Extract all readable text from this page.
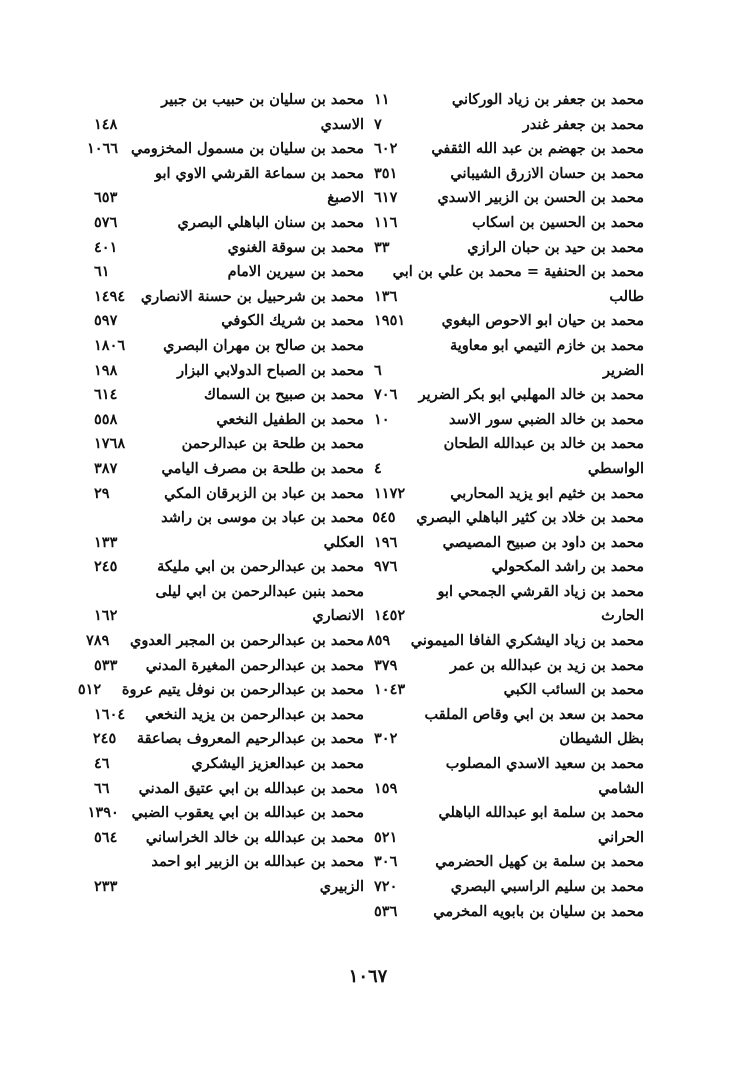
محمد بن جعفر بن زياد الوركاني
١١
محمد بن جعفر غندر
٧
محمد بن جهضم بن عبد الله الثقفي
٦٠٢
محمد بن حسان الازرق الشيباني
٣٥١
محمد بن الحسن بن الزبير الاسدي
٦١٧
محمد بن الحسين بن اسكاب
١١٦
محمد بن حيد بن حبان الرازي
٣٣
محمد بن الحنفية = محمد بن علي بن ابي
طالب
١٣٦
محمد بن حيان ابو الاحوص البغوي
١٩٥١
محمد بن خازم التيمي ابو معاوية
الضرير
٦
محمد بن خالد المهلبي ابو بكر الضرير
٧٠٦
محمد بن خالد الضبي سور الاسد
١٠
محمد بن خالد بن عبدالله الطحان
الواسطي
٤
محمد بن خثيم ابو يزيد المحاربي
١١٧٢
محمد بن خلاد بن كثير الباهلي البصري
٥٤٥
محمد بن داود بن صبيح المصيصي
١٩٦
محمد بن راشد المكحولي
٩٧٦
محمد بن زياد القرشي الجمحي ابو
الحارث
١٤٥٢
محمد بن زياد اليشكري الفافا الميموني
٨٥٩
محمد بن زيد بن عبدالله بن عمر
٣٧٩
محمد بن السائب الكبي
١٠٤٣
محمد بن سعد بن ابي وقاص الملقب
بظل الشيطان
٣٠٢
محمد بن سعيد الاسدي المصلوب
الشامي
١٥٩
محمد بن سلمة ابو عبدالله الباهلي
الحراني
٥٢١
محمد بن سلمة بن كهيل الحضرمي
٣٠٦
محمد بن سليم الراسبي البصري
٧٢٠
محمد بن سليان بن بابويه المخرمي
٥٣٦
محمد بن سليان بن حبيب بن جبير
الاسدي
١٤٨
محمد بن سليان بن مسمول المخزومي
١٠٦٦
محمد بن سماعة القرشي الاوي ابو
الاصبغ
٦٥٣
محمد بن سنان الباهلي البصري
٥٧٦
محمد بن سوقة الغنوي
٤٠١
محمد بن سيرين الامام
٦١
محمد بن شرحبيل بن حسنة الانصاري
١٤٩٤
محمد بن شريك الكوفي
٥٩٧
محمد بن صالح بن مهران البصري
١٨٠٦
محمد بن الصباح الدولابي البزار
١٩٨
محمد بن صبيح بن السماك
٦١٤
محمد بن الطفيل النخعي
٥٥٨
محمد بن طلحة بن عبدالرحمن
١٧٦٨
محمد بن طلحة بن مصرف اليامي
٣٨٧
محمد بن عباد بن الزبرقان المكي
٢٩
محمد بن عباد بن موسى بن راشد
العكلي
١٣٣
محمد بن عبدالرحمن بن ابي مليكة
٢٤٥
محمد بنبن عبدالرحمن بن ابي ليلى
الانصاري
١٦٢
محمد بن عبدالرحمن بن المجبر العدوي
٧٨٩
محمد بن عبدالرحمن المغيرة المدني
٥٣٣
محمد بن عبدالرحمن بن نوفل يتيم عروة
٥١٢
محمد بن عبدالرحمن بن يزيد النخعي
١٦٠٤
محمد بن عبدالرحيم المعروف بصاعقة
٢٤٥
محمد بن عبدالعزيز اليشكري
٤٦
محمد بن عبدالله بن ابي عتيق المدني
٦٦
محمد بن عبدالله بن ابي يعقوب الضبي
١٣٩٠
محمد بن عبدالله بن خالد الخراساني
٥٦٤
محمد بن عبدالله بن الزبير ابو احمد
الزبيري
٢٣٣
١٠٦٧
